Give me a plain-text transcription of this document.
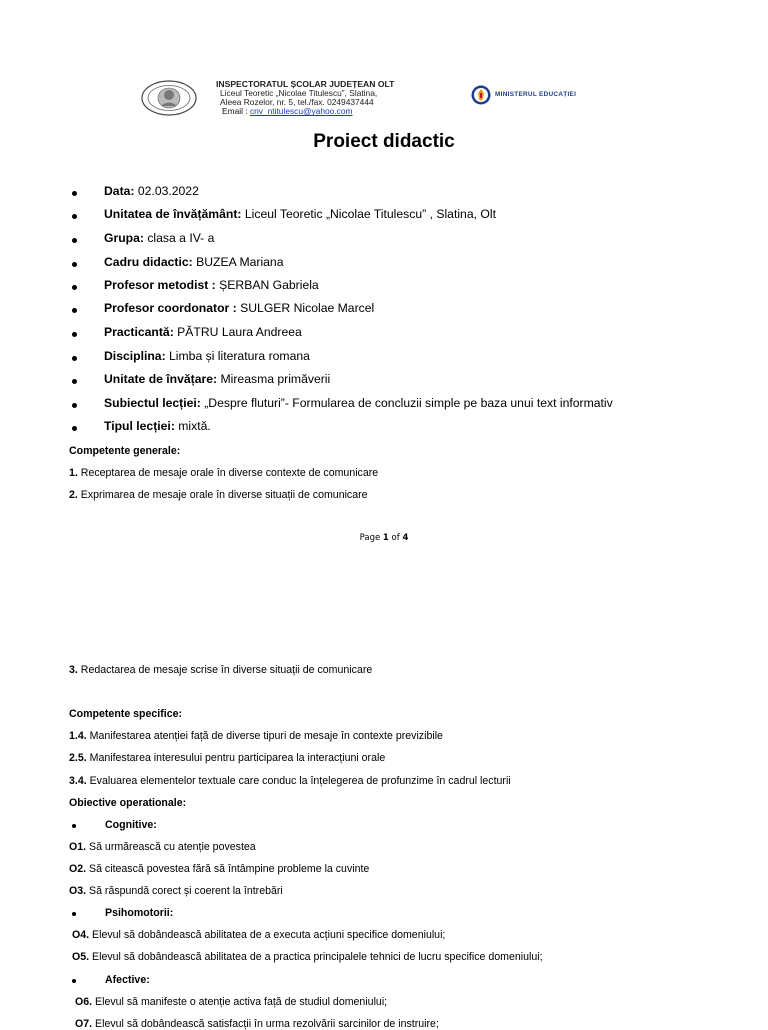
INSPECTORATUL ȘCOLAR JUDEȚEAN OLT
Liceul Teoretic „Nicolae Titulescu”, Slatina,
Aleea Rozelor, nr. 5, tel./fax. 0249437444
Email : cnv_ntitulescu@yahoo.com
MINISTERUL EDUCAȚIEI
Proiect didactic
Data: 02.03.2022
Unitatea de învățământ: Liceul Teoretic „Nicolae Titulescu” , Slatina, Olt
Grupa: clasa a IV- a
Cadru didactic: BUZEA Mariana
Profesor metodist : ȘERBAN Gabriela
Profesor coordonator : SULGER Nicolae Marcel
Practicantă: PĂTRU Laura Andreea
Disciplina: Limba și literatura romana
Unitate de învățare: Mireasma primăverii
Subiectul lecției: „Despre fluturi”- Formularea de concluzii simple pe baza unui text informativ
Tipul lecției: mixtă.
Competente generale:
1. Receptarea de mesaje orale în diverse contexte de comunicare
2. Exprimarea de mesaje orale în diverse situații de comunicare
Page 1 of 4
3. Redactarea de mesaje scrise în diverse situații de comunicare
Competente specifice:
1.4. Manifestarea atenției față de diverse tipuri de mesaje în contexte previzibile
2.5. Manifestarea interesului pentru participarea la interacțiuni orale
3.4. Evaluarea elementelor textuale care conduc la înțelegerea de profunzime în cadrul lecturii
Obiective operationale:
Cognitive:
O1. Să urmărească cu atenție povestea
O2. Să citească povestea fără să întâmpine probleme la cuvinte
O3. Să răspundă corect și coerent la întrebări
Psihomotorii:
O4. Elevul să dobândească abilitatea de a executa acțiuni specifice domeniului;
O5. Elevul să dobândească abilitatea de a practica principalele tehnici de lucru specifice domeniului;
Afective:
O6. Elevul să manifeste o atenție activa față de studiul domeniului;
O7. Elevul să dobândească satisfacții în urma rezolvării sarcinilor de instruire;
